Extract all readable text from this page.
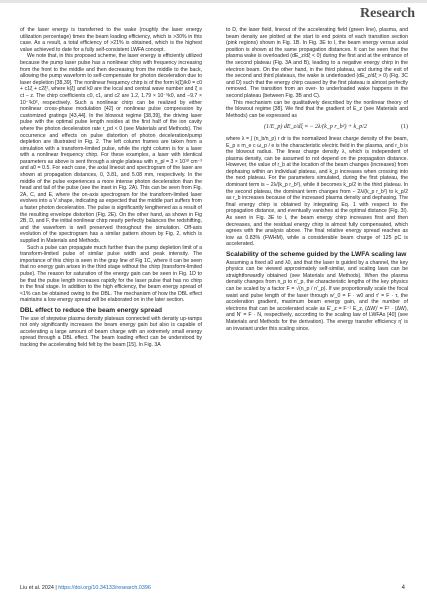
Research

of the laser energy is transferred to the wake (roughly the laser energy utilization percentage) times the beam loading efficiency, which is >30% in this case. As a result, a total efficiency of >21% is obtained, which is the highest value achieved to date for a fully self-consistent LWFA concept.

We note that, in this proposed scheme, the laser energy is efficiently utilized because the pump laser pulse has a nonlinear chirp with frequency increasing from the front to the middle and then decreasing from the middle to the back, allowing the pump waveform to self-compensate for photon deceleration due to laser depletion [38,39]. The nonlinear frequency chirp is of the form k(ξ)/k0 = c0 + c1ξ + c2ξ², where k(ξ) and k0 are the local and central wave number and ξ ≡ ct − z. The chirp coefficients c0, c1, and c2 are 1.2, 1.79 × 10⁻⁵k0, and −9.7 × 10⁻¹k0², respectively. Such a nonlinear chirp can be realized by either nonlinear cross-phase modulation [42] or nonlinear pulse compression by customized gratings [43,44]. In the blowout regime [38,39], the driving laser pulse with the optimal pulse length resides at the first half of the ion cavity where the photon deceleration rate r_pd < 0 (see Materials and Methods). The occurrence and effects on pulse distortion of photon deceleration/pump depletion are illustrated in Fig. 2. The left column frames are taken from a simulation with a transform-limited pulse, while the right column is for a laser with a nonlinear frequency chirp. For these examples, a laser with identical parameters as above is sent through a single plateau with n_pl = 3 × 10¹⁸ cm⁻³ and a0 = 0.5. For each case, the axial lineout and spectrogram of the laser are shown at propagation distances, 0, 3.81, and 5.08 mm, respectively. In the middle of the pulse experiences a more intense photon deceleration than the head and tail of the pulse (see the inset in Fig. 2A). This can be seen from Fig. 2A, C, and E, where the on-axis spectrogram for the transform-limited laser evolves into a V shape, indicating as expected that the middle part suffers from a faster photon deceleration. The pulse is significantly lengthened as a result of the resulting envelope distortion (Fig. 2E). On the other hand, as shown in Fig 2B, D, and F, the initial nonlinear chirp nearly perfectly balances the redshifting, and the waveform is well preserved throughout the simulation. Off-axis evolution of the spectrogram has a similar pattern shown by Fig. 2, which is supplied in Materials and Methods.

Such a pulse can propagate much further than the pump depletion limit of a transform-limited pulse of similar pulse width and peak intensity. The importance of this chirp is seen in the gray line of Fig 1C, where it can be seen that no energy gain arises in the third stage without the chirp (transform-limited pulse). The reason for saturation of the energy gain can be seen in Fig. 1D to be that the pulse length increases rapidly for the laser pulse that has no chirp in the final stage. In addition to the high efficiency, the beam energy spread of <1% can be obtained owing to the DBL. The mechanism of how the DBL effect maintains a low energy spread will be elaborated on in the later section.

DBL effect to reduce the beam energy spread

The use of stepwise plasma density plateaus connected with density up-ramps not only significantly increases the beam energy gain but also is capable of accelerating a large amount of beam charge with an extremely small energy spread through a DBL effect. The beam loading effect can be understood by tracking the accelerating field felt by the beam [15]. In Fig. 3A

to D, the laser field, lineout of the accelerating field (green line), plasma, and beam density are plotted at the start to end points of each transition section (pink regions) shown in Fig. 1B. In Fig. 3E to I, the beam energy versus axial position is shown at the same propagation distances. It can be seen that the plasma wake is overloaded (dE_z/dξ < 0) during the first and at the entrance of the second plateau (Fig. 3A and B), leading to a negative energy chirp in the electron beam. On the other hand, in the third plateau, and during the exit of the second and third plateaus, the wake is underloaded (dE_z/dξ > 0) (Fig. 3C and D) such that the energy chirp caused by the first plateau is almost perfectly removed. The transition from an over- to underloaded wake happens in the second plateau (between Fig. 3B and C).

This mechanism can be qualitatively described by the nonlinear theory of the blowout regime [38]. We find that the gradient of E_z (see Materials and Methods) can be expressed as

(1/E_p) dE_z/dξ ≈ − 2λ/(k_p r_b²) + k_p/2	(1)

where λ = ∫ (n_b/n_p) r dr is the normalized linear charge density of the beam, E_p ≡ m_e c ω_p / e is the characteristic electric field in the plasma, and r_b is the blowout radius. The linear charge density λ, which is independent of plasma density, can be assumed to not depend on the propagation distance. However, the value of r_b at the location of the beam changes (increases) from dephasing within an individual plateau, and k_p increases when crossing into the next plateau. For the parameters simulated, during the first plateau, the dominant term is − 2λ/(k_p r_b²), while it becomes k_p/2 in the third plateau. In the second plateau, the dominant term changes from − 2λ/(k_p r_b²) to k_p/2 as r_b increases because of the increased plasma density and dephasing. The final energy chirp is obtained by integrating Eq. 1 with respect to the propagation distance, and eventually vanishes at the optimal distance (Fig. 3I). As seen in Fig. 3E to I, the beam energy chirp increases first and then decreases, and the residual energy chirp is almost fully compensated, which agrees with the analysis above. The final relative energy spread reaches as low as 0.83% (FWHM), while a considerable beam charge of 125 pC is accelerated.

Scalability of the scheme guided by the LWFA scaling law

Assuming a fixed a0 and λ0, and that the laser is guided by a channel, the key physics can be viewed approximately self-similar, and scaling laws can be straightforwardly obtained (see Materials and Methods). When the plasma density changes from n_p to n'_p, the characteristic lengths of the key physics can be scaled by a factor F = √(n_p / n'_p). If we proportionally scale the focal waist and pulse length of the laser through w'_0 = F · w0 and τ' = F · τ, the acceleration gradient, maximum beam energy gain, and the number of electrons that can be accelerated scale as E'_z = F⁻¹ E_z, (ΔW)' = F² · (ΔW), and N' = F · N, respectively, according to the scaling law of LWFAs [40] (see Materials and Methods for the derivation). The energy transfer efficiency η' is an invariant under this scaling since.

Liu et al. 2024 | https://doi.org/10.34133/research.0396	4
